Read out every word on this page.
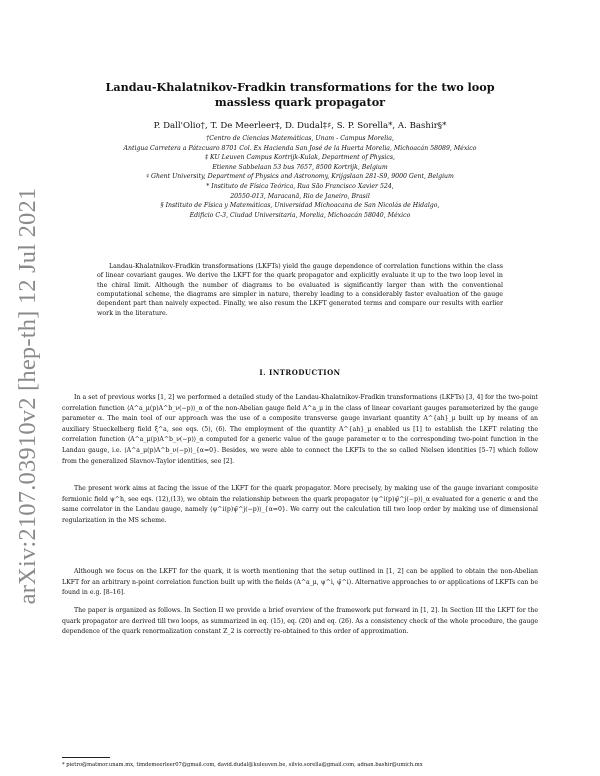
arXiv:2107.03910v2 [hep-th] 12 Jul 2021
Landau-Khalatnikov-Fradkin transformations for the two loop massless quark propagator
P. Dall'Olio†, T. De Meerleer‡, D. Dudal‡♯, S. P. Sorella*, A. Bashir§*
†Centro de Ciencias Matemáticas, Unam - Campus Morelia,
Antigua Carretera a Pátzcuaro 8701 Col. Ex Hacienda San José de la Huerta Morelia, Michoacán 58089, México
‡ KU Leuven Campus Kortrijk-Kulak, Department of Physics,
Etienne Sabbelaan 53 bus 7657, 8500 Kortrijk, Belgium
♯ Ghent University, Department of Physics and Astronomy, Krijgslaan 281-S9, 9000 Gent, Belgium
* Instituto de Física Teórica, Rua São Francisco Xavier 524,
20550-013, Maracanã, Rio de Janeiro, Brasil
§ Instituto de Física y Matemáticas, Universidad Michoacana de San Nicolás de Hidalgo,
Edificio C-3, Ciudad Universitaria, Morelia, Michoacán 58040, México

Landau-Khalatnikov-Fradkin transformations (LKFTs) yield the gauge dependence of correlation functions within the class of linear covariant gauges. We derive the LKFT for the quark propagator and explicitly evaluate it up to the two loop level in the chiral limit. Although the number of diagrams to be evaluated is significantly larger than with the conventional computational scheme, the diagrams are simpler in nature, thereby leading to a considerably faster evaluation of the gauge dependent part than naively expected. Finally, we also resum the LKFT generated terms and compare our results with earlier work in the literature.

I. INTRODUCTION

In a set of previous works [1, 2] we performed a detailed study of the Landau-Khalatnikov-Fradkin transformations (LKFTs) [3, 4] for the two-point correlation function ⟨A^a_μ(p)A^b_ν(−p)⟩_α of the non-Abelian gauge field A^a_μ in the class of linear covariant gauges parameterized by the gauge parameter α. The main tool of our approach was the use of a composite transverse gauge invariant quantity A^{ah}_μ built up by means of an auxiliary Stueckelberg field ξ^a, see eqs. (5), (6). The employment of the quantity A^{ah}_μ enabled us [1] to establish the LKFT relating the correlation function ⟨A^a_μ(p)A^b_ν(−p)⟩_α computed for a generic value of the gauge parameter α to the corresponding two-point function in the Landau gauge, i.e. ⟨A^a_μ(p)A^b_ν(−p)⟩_{α=0}. Besides, we were able to connect the LKFTs to the so called Nielsen identities [5–7] which follow from the generalized Slavnov-Taylor identities, see [2].

The present work aims at facing the issue of the LKFT for the quark propagator. More precisely, by making use of the gauge invariant composite fermionic field ψ^h, see eqs. (12),(13), we obtain the relationship between the quark propagator ⟨ψ^i(p)ψ̄^j(−p)⟩_α evaluated for a generic α and the same correlator in the Landau gauge, namely ⟨ψ^i(p)ψ̄^j(−p)⟩_{α=0}. We carry out the calculation till two loop order by making use of dimensional regularization in the MS scheme.

Although we focus on the LKFT for the quark, it is worth mentioning that the setup outlined in [1, 2] can be applied to obtain the non-Abelian LKFT for an arbitrary n-point correlation function built up with the fields (A^a_μ, ψ^i, ψ̄^i). Alternative approaches to or applications of LKFTs can be found in e.g. [8–16].

The paper is organized as follows. In Section II we provide a brief overview of the framework put forward in [1, 2]. In Section III the LKFT for the quark propagator are derived till two loops, as summarized in eq. (15), eq. (20) and eq. (26). As a consistency check of the whole procedure, the gauge dependence of the quark renormalization constant Z_2 is correctly re-obtained to this order of approximation.

* pietro@matmor.unam.mx, timdemeerleer07@gmail.com, david.dudal@kuleuven.be, silvio.sorella@gmail.com, adnan.bashir@umich.mx
